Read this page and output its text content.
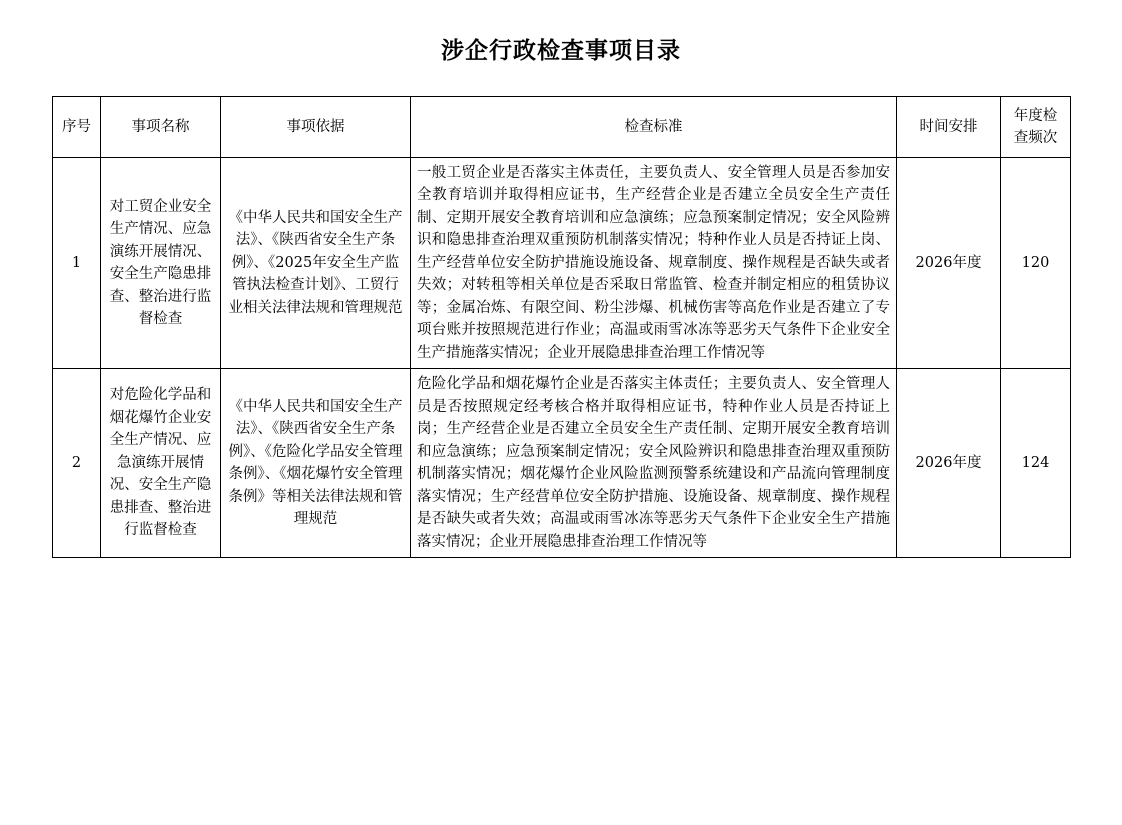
涉企行政检查事项目录
序号	事项名称	事项依据	检查标准	时间安排	年度检
查频次

1	对工贸企业安全生产情况、应急演练开展情况、安全生产隐患排查、整治进行监督检查	《中华人民共和国安全生产法》、《陕西省安全生产条例》、《2025年安全生产监管执法检查计划》、工贸行业相关法律法规和管理规范	一般工贸企业是否落实主体责任，主要负责人、安全管理人员是否参加安全教育培训并取得相应证书，生产经营企业是否建立全员安全生产责任制、定期开展安全教育培训和应急演练；应急预案制定情况；安全风险辨识和隐患排查治理双重预防机制落实情况；特种作业人员是否持证上岗、生产经营单位安全防护措施设施设备、规章制度、操作规程是否缺失或者失效；对转租等相关单位是否采取日常监管、检查并制定相应的租赁协议等；金属冶炼、有限空间、粉尘涉爆、机械伤害等高危作业是否建立了专项台账并按照规范进行作业；高温或雨雪冰冻等恶劣天气条件下企业安全生产措施落实情况；企业开展隐患排查治理工作情况等	2026年度	120
2	对危险化学品和烟花爆竹企业安全生产情况、应急演练开展情况、安全生产隐患排查、整治进行监督检查	《中华人民共和国安全生产法》、《陕西省安全生产条例》、《危险化学品安全管理条例》、《烟花爆竹安全管理条例》等相关法律法规和管理规范	危险化学品和烟花爆竹企业是否落实主体责任；主要负责人、安全管理人员是否按照规定经考核合格并取得相应证书，特种作业人员是否持证上岗；生产经营企业是否建立全员安全生产责任制、定期开展安全教育培训和应急演练；应急预案制定情况；安全风险辨识和隐患排查治理双重预防机制落实情况；烟花爆竹企业风险监测预警系统建设和产品流向管理制度落实情况；生产经营单位安全防护措施、设施设备、规章制度、操作规程是否缺失或者失效；高温或雨雪冰冻等恶劣天气条件下企业安全生产措施落实情况；企业开展隐患排查治理工作情况等	2026年度	124
